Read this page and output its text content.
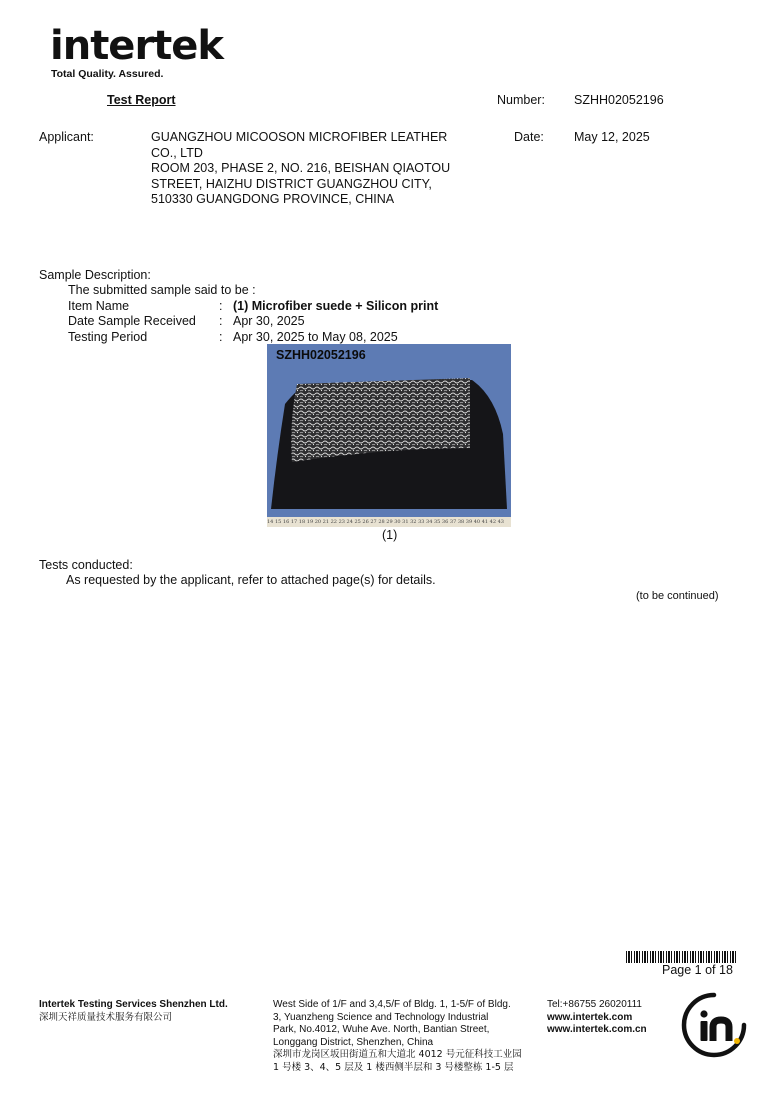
intertek
Total Quality. Assured.
Test Report	Number: SZHH02052196
Applicant:	GUANGZHOU MICOOSON MICROFIBER LEATHER
CO., LTD
ROOM 203, PHASE 2, NO. 216, BEISHAN QIAOTOU
STREET, HAIZHU DISTRICT GUANGZHOU CITY,
510330 GUANGDONG PROVINCE, CHINA
Date: May 12, 2025
Sample Description:
The submitted sample said to be :
Item Name	: (1) Microfiber suede + Silicon print
Date Sample Received : Apr 30, 2025
Testing Period	: Apr 30, 2025 to May 08, 2025
SZHH02052196
14 15 16 17 18 19 20 21 22 23 24 25 26 27 28 29 30 31 32 33 34 35 36 37 38 39 40 41 42 43
(1)
Tests conducted:
As requested by the applicant, refer to attached page(s) for details.
(to be continued)
Page 1 of 18
Intertek Testing Services Shenzhen Ltd.
深圳天祥质量技术服务有限公司
West Side of 1/F and 3,4,5/F of Bldg. 1, 1-5/F of Bldg.
3, Yuanzheng Science and Technology Industrial
Park, No.4012, Wuhe Ave. North, Bantian Street,
Longgang District, Shenzhen, China
深圳市龙岗区坂田街道五和大道北 4012 号元征科技工业园
1 号楼 3、4、5 层及 1 楼西侧半层和 3 号楼整栋 1-5 层
Tel:+86755 26020111
www.intertek.com
www.intertek.com.cn
